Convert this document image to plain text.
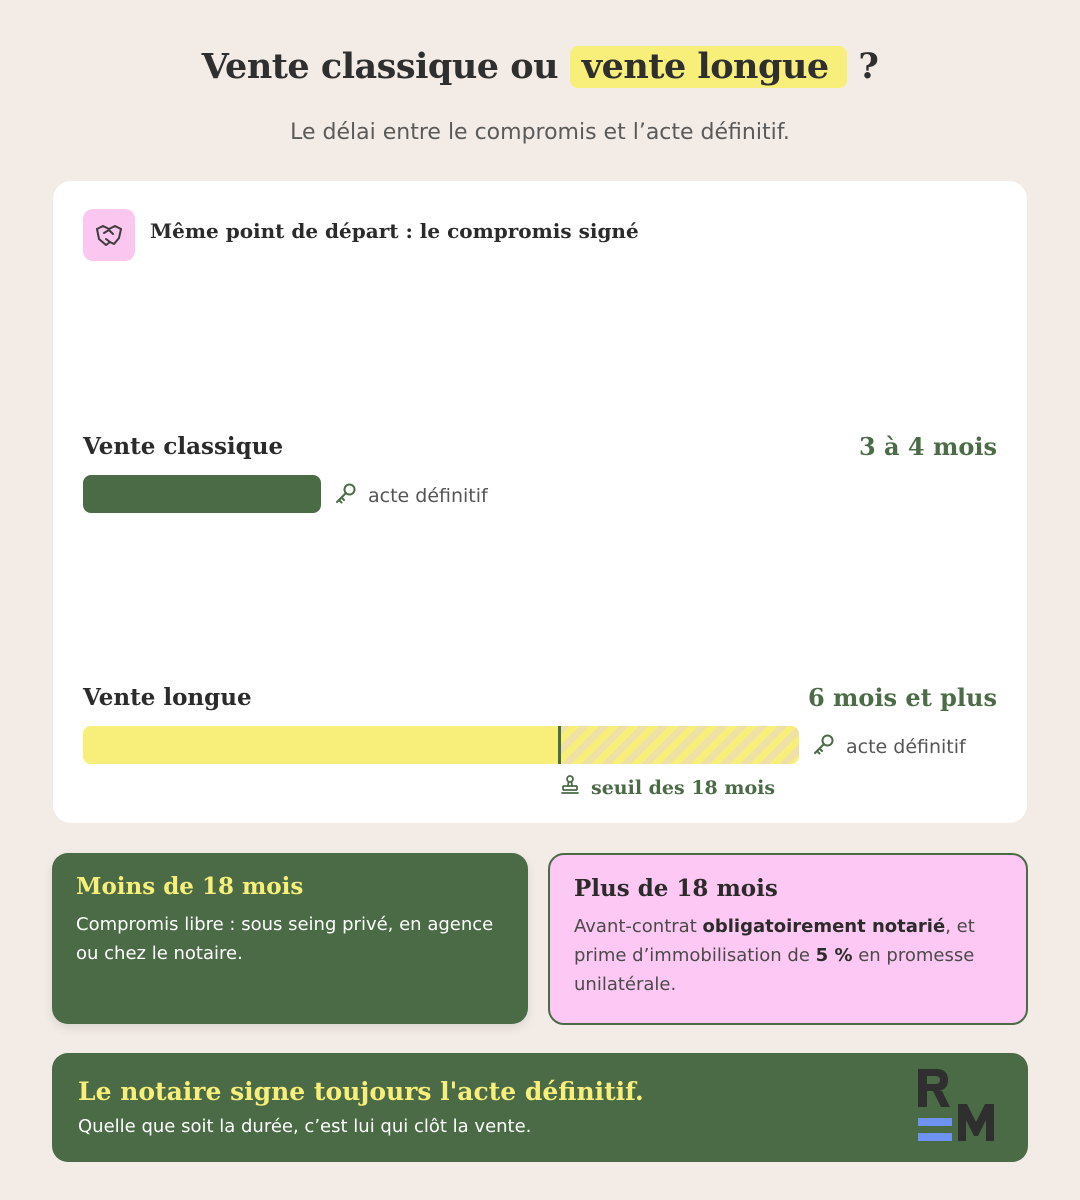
Vente classique ou vente longue ?
Le délai entre le compromis et l’acte définitif.
Même point de départ : le compromis signé
Vente classique	3 à 4 mois
acte définitif
Vente longue	6 mois et plus
acte définitif
seuil des 18 mois
Moins de 18 mois
Compromis libre : sous seing privé, en agence ou chez le notaire.
Plus de 18 mois
Avant-contrat obligatoirement notarié, et prime d’immobilisation de 5 % en promesse unilatérale.
Le notaire signe toujours l'acte définitif.
Quelle que soit la durée, c’est lui qui clôt la vente.
